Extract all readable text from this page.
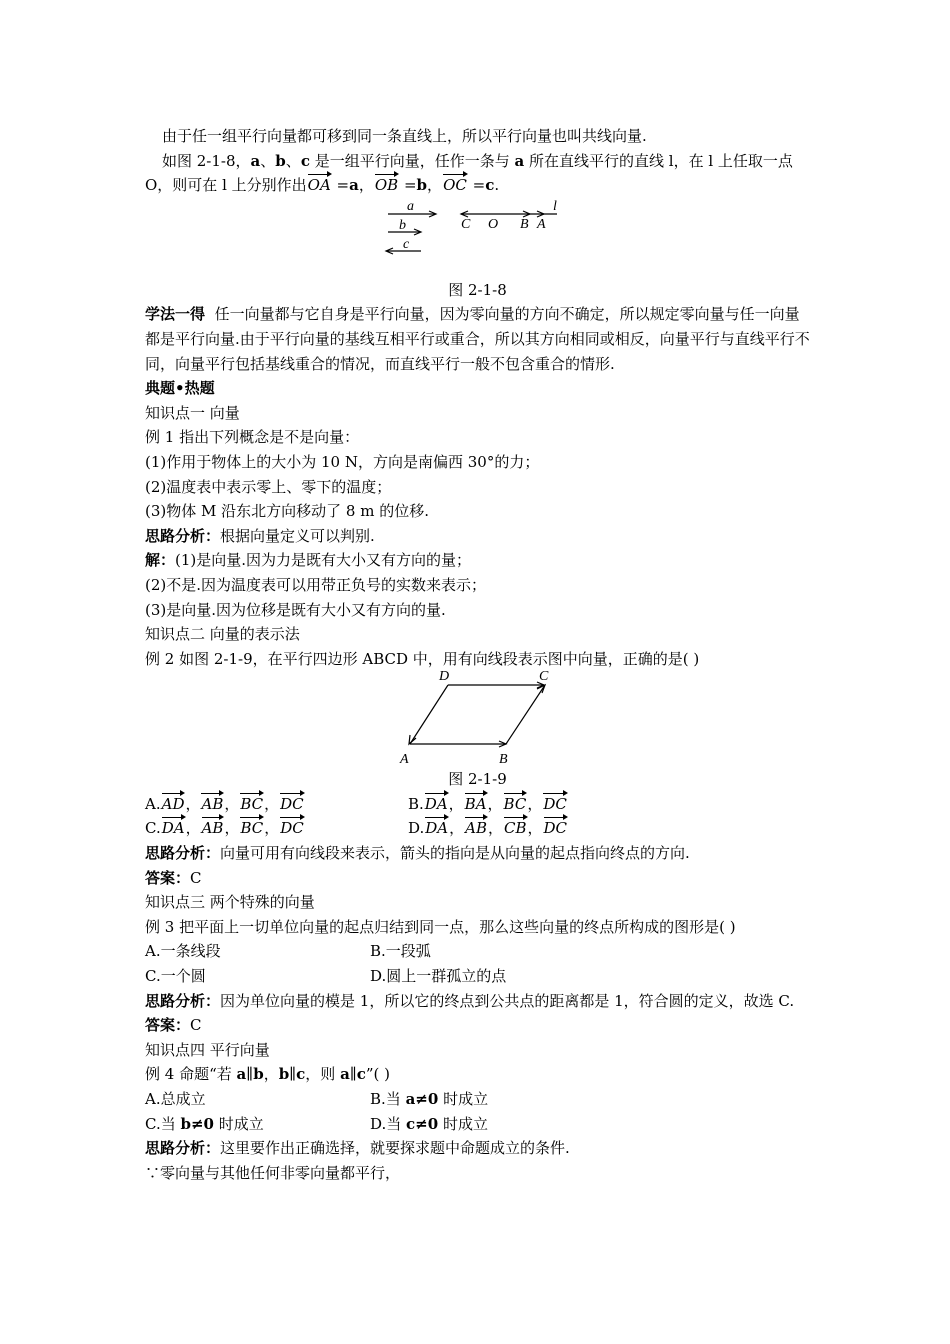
由于任一组平行向量都可移到同一条直线上，所以平行向量也叫共线向量.
如图 2-1-8，a、b、c 是一组平行向量，任作一条与 a 所在直线平行的直线 l，在 l 上任取一点
O，则可在 l 上分别作出OA =a，OB =b，OC =c.
a
b
c
C O B A
l
图 2-1-8
学法一得 任一向量都与它自身是平行向量，因为零向量的方向不确定，所以规定零向量与任一向量都是平行向量.由于平行向量的基线互相平行或重合，所以其方向相同或相反，向量平行与直线平行不同，向量平行包括基线重合的情况，而直线平行一般不包含重合的情形.
典题•热题
知识点一 向量
例 1 指出下列概念是不是向量：
(1)作用于物体上的大小为 10 N，方向是南偏西 30°的力；
(2)温度表中表示零上、零下的温度；
(3)物体 M 沿东北方向移动了 8 m 的位移.
思路分析：根据向量定义可以判别.
解：(1)是向量.因为力是既有大小又有方向的量；
(2)不是.因为温度表可以用带正负号的实数来表示；
(3)是向量.因为位移是既有大小又有方向的量.
知识点二 向量的表示法
例 2 如图 2-1-9，在平行四边形 ABCD 中，用有向线段表示图中向量，正确的是( )
D	C
A	B
图 2-1-9
A.AD，AB，BC，DC	B.DA，BA，BC，DC
C.DA，AB，BC，DC	D.DA，AB，CB，DC
思路分析：向量可用有向线段来表示，箭头的指向是从向量的起点指向终点的方向.
答案：C
知识点三 两个特殊的向量
例 3 把平面上一切单位向量的起点归结到同一点，那么这些向量的终点所构成的图形是( )
A.一条线段	B.一段弧
C.一个圆	D.圆上一群孤立的点
思路分析：因为单位向量的模是 1，所以它的终点到公共点的距离都是 1，符合圆的定义，故选 C.
答案：C
知识点四 平行向量
例 4 命题“若 a∥b，b∥c，则 a∥c”( )
A.总成立	B.当 a≠0 时成立
C.当 b≠0 时成立	D.当 c≠0 时成立
思路分析：这里要作出正确选择，就要探求题中命题成立的条件.
∵零向量与其他任何非零向量都平行，
